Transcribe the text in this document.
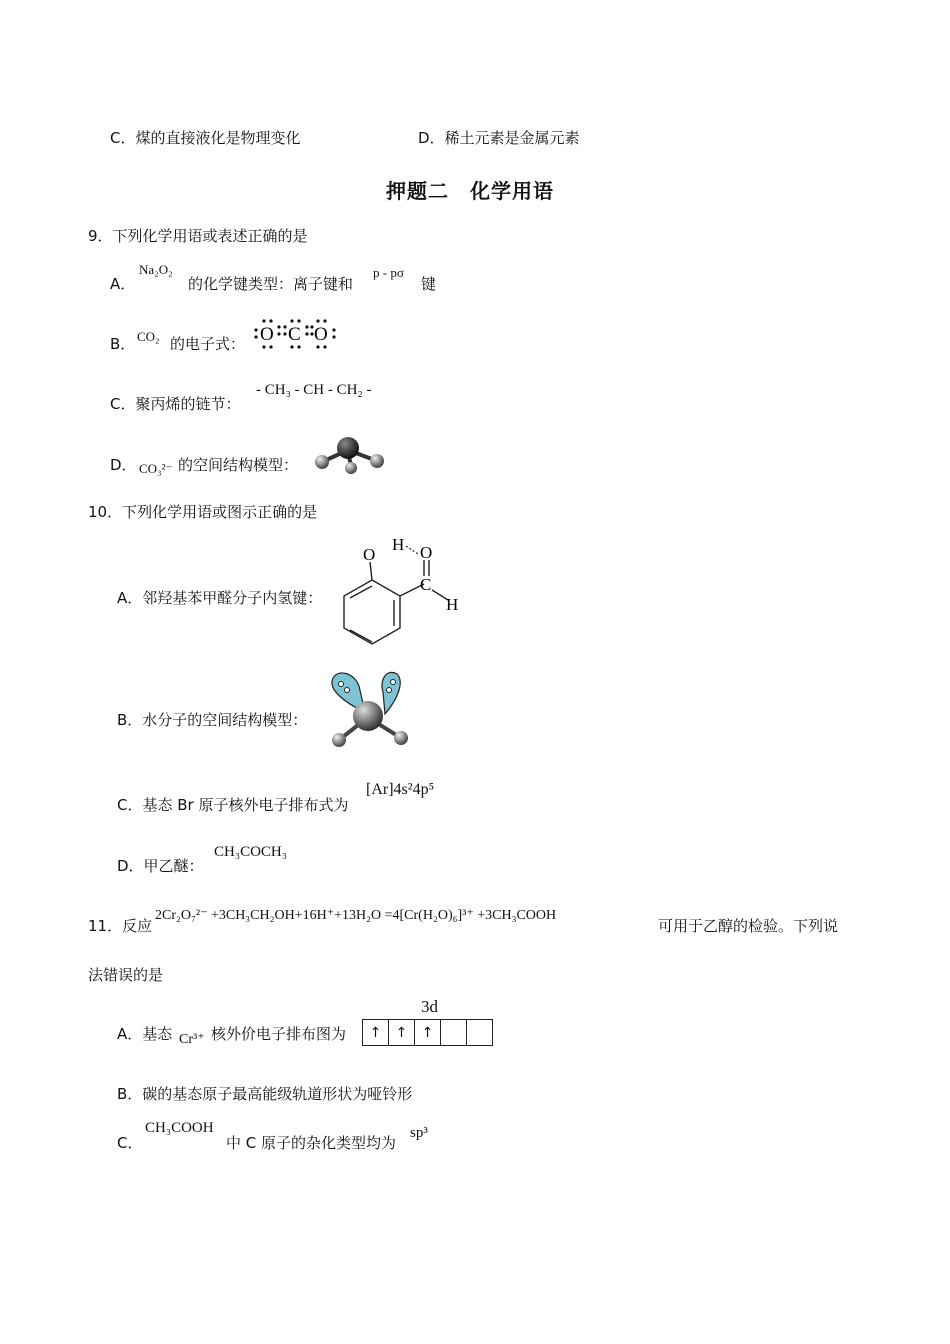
C．煤的直接液化是物理变化	D．稀土元素是金属元素
押题二　化学用语
9．下列化学用语或表述正确的是
A．
Na₂O₂
的化学键类型：离子键和
p - pσ
键
B． CO₂ 的电子式： O C O
C．聚丙烯的链节：
- CH₃ - CH - CH₂ -
D． CO₃²⁻ 的空间结构模型：
10．下列化学用语或图示正确的是
A．邻羟基苯甲醛分子内氢键：
O
H O
C
H
B．水分子的空间结构模型：
C．基态 Br 原子核外电子排布式为
[Ar]4s²4p⁵
D．甲乙醚：
CH₃COCH₃
11．反应
2Cr₂O₇²⁻ +3CH₃CH₂OH+16H⁺+13H₂O =4[Cr(H₂O)₆]³⁺ +3CH₃COOH
可用于乙醇的检验。下列说
法错误的是
A．基态 Cr³⁺ 核外价电子排布图为
3d
↑	↑	↑		
B．碳的基态原子最高能级轨道形状为哑铃形
C．
CH₃COOH
中 C 原子的杂化类型均为
sp³
